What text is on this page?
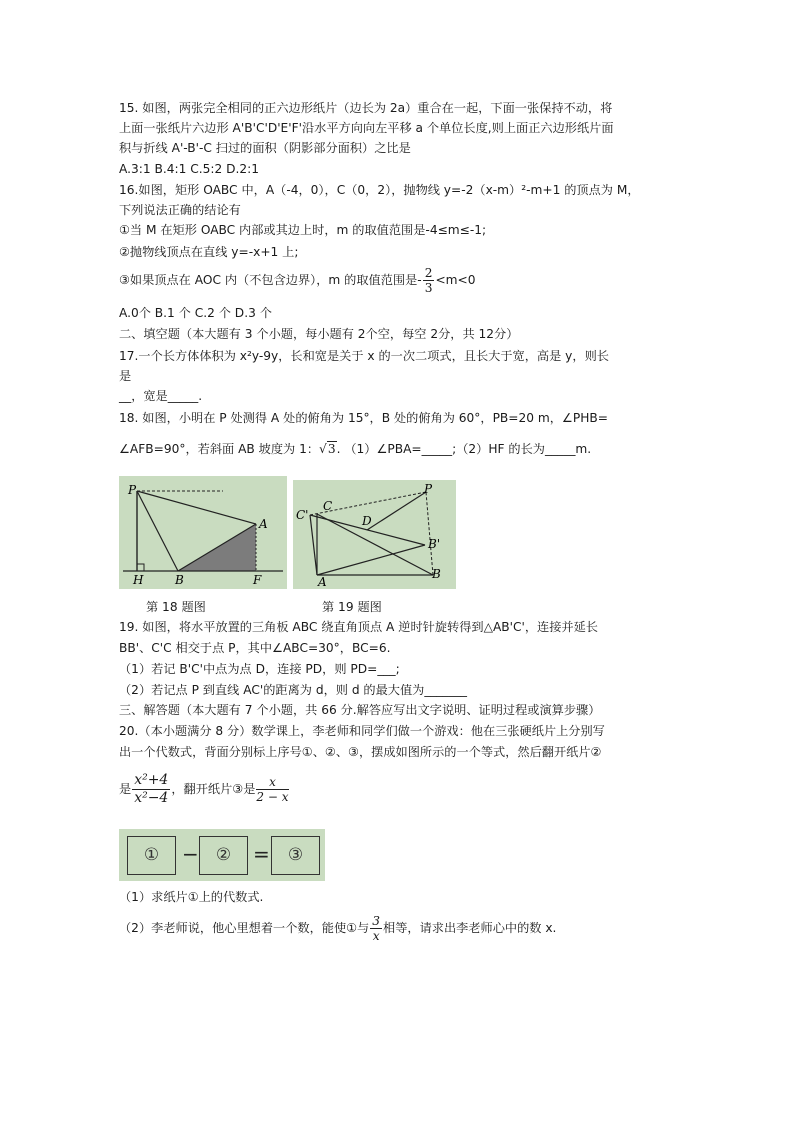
15. 如图，两张完全相同的正六边形纸片（边长为 2a）重合在一起，下面一张保持不动，将
上面一张纸片六边形 A'B'C'D'E'F'沿水平方向向左平移 a 个单位长度,则上面正六边形纸片面
积与折线 A'-B'-C 扫过的面积（阴影部分面积）之比是
A.3:1 B.4:1 C.5:2 D.2:1
16.如图，矩形 OABC 中，A（-4，0），C（0，2），抛物线 y=-2（x-m）²-m+1 的顶点为 M，
下列说法正确的结论有
①当 M 在矩形 OABC 内部或其边上时，m 的取值范围是-4≤m≤-1;
②抛物线顶点在直线 y=-x+1 上;
③如果顶点在 AOC 内（不包含边界），m 的取值范围是- $\frac{2}{3} <m<0$
A.0个 B.1 个 C.2 个 D.3 个
二、填空题（本大题有 3 个小题，每小题有 2个空，每空 2分，共 12分）
17.一个长方体体积为 x²y-9y，长和宽是关于 x 的一次二项式，且长大于宽，高是 y，则长
是
__，宽是_____.
18. 如图，小明在 P 处测得 A 处的俯角为 15°，B 处的俯角为 60°，PB=20 m，∠PHB=
∠AFB=90°，若斜面 AB 坡度为 1：√3. （1）∠PBA=_____;（2）HF 的长为_____m.
P
A
H	B	F
第 18 题图
C'
C
P
D
B'
A
B
第 19 题图
19. 如图，将水平放置的三角板 ABC 绕直角顶点 A 逆时针旋转得到△AB'C'，连接并延长
BB'、C'C 相交于点 P，其中∠ABC=30°，BC=6.
（1）若记 B'C'中点为点 D，连接 PD，则 PD=___;
（2）若记点 P 到直线 AC'的距离为 d，则 d 的最大值为_______
三、解答题（本大题有 7 个小题，共 66 分.解答应写出文字说明、证明过程或演算步骤）
20.（本小题满分 8 分）数学课上，李老师和同学们做一个游戏：他在三张硬纸片上分别写
出一个代数式，背面分别标上序号①、②、③，摆成如图所示的一个等式，然后翻开纸片②
是 $\frac{\text{x²+4}}{\text{x²−4}}$ ，翻开纸片③是 $\frac{x}{2 - x}$
①	−	②	=	③
（1）求纸片①上的代数式.
（2）李老师说，他心里想着一个数，能使①与 $\frac{3}{x}$ 相等，请求出李老师心中的数 x.
